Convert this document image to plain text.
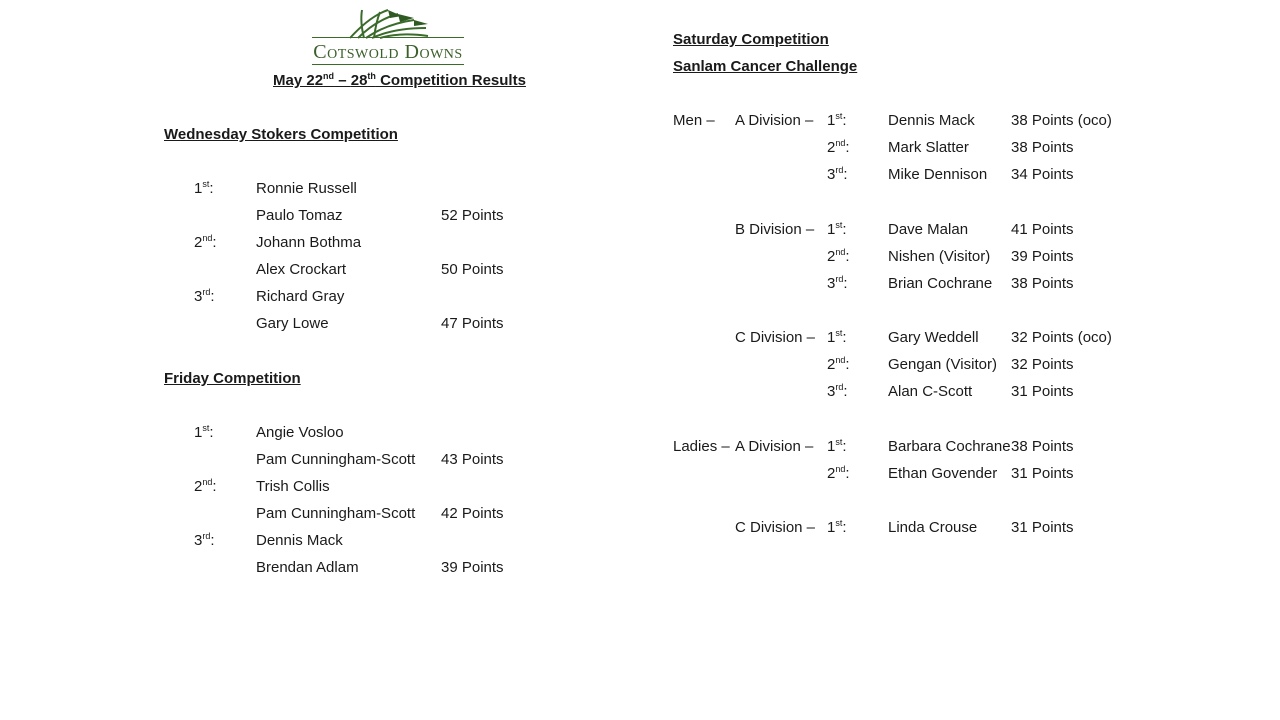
Cotswold Downs
May 22nd – 28th Competition Results
Wednesday Stokers Competition
1st:	Ronnie Russell
Paulo Tomaz	52 Points
2nd:	Johann Bothma
Alex Crockart	50 Points
3rd:	Richard Gray
Gary Lowe	47 Points
Friday Competition
1st:	Angie Vosloo
Pam Cunningham-Scott 43 Points
2nd:	Trish Collis
Pam Cunningham-Scott 42 Points
3rd:	Dennis Mack
Brendan Adlam	39 Points
Saturday Competition
Sanlam Cancer Challenge
Men – A Division – 1st:	Dennis Mack 38 Points (oco)
2nd:	Mark Slatter	38 Points
3rd:	Mike Dennison 34 Points
B Division – 1st:	Dave Malan	41 Points
2nd:	Nishen (Visitor) 39 Points
3rd:	Brian Cochrane 38 Points
C Division – 1st:	Gary Weddell 32 Points (oco)
2nd:	Gengan (Visitor) 32 Points
3rd:	Alan C-Scott	31 Points
Ladies – A Division – 1st:	Barbara Cochrane 38 Points
2nd:	Ethan Govender 31 Points
C Division – 1st:	Linda Crouse 31 Points
